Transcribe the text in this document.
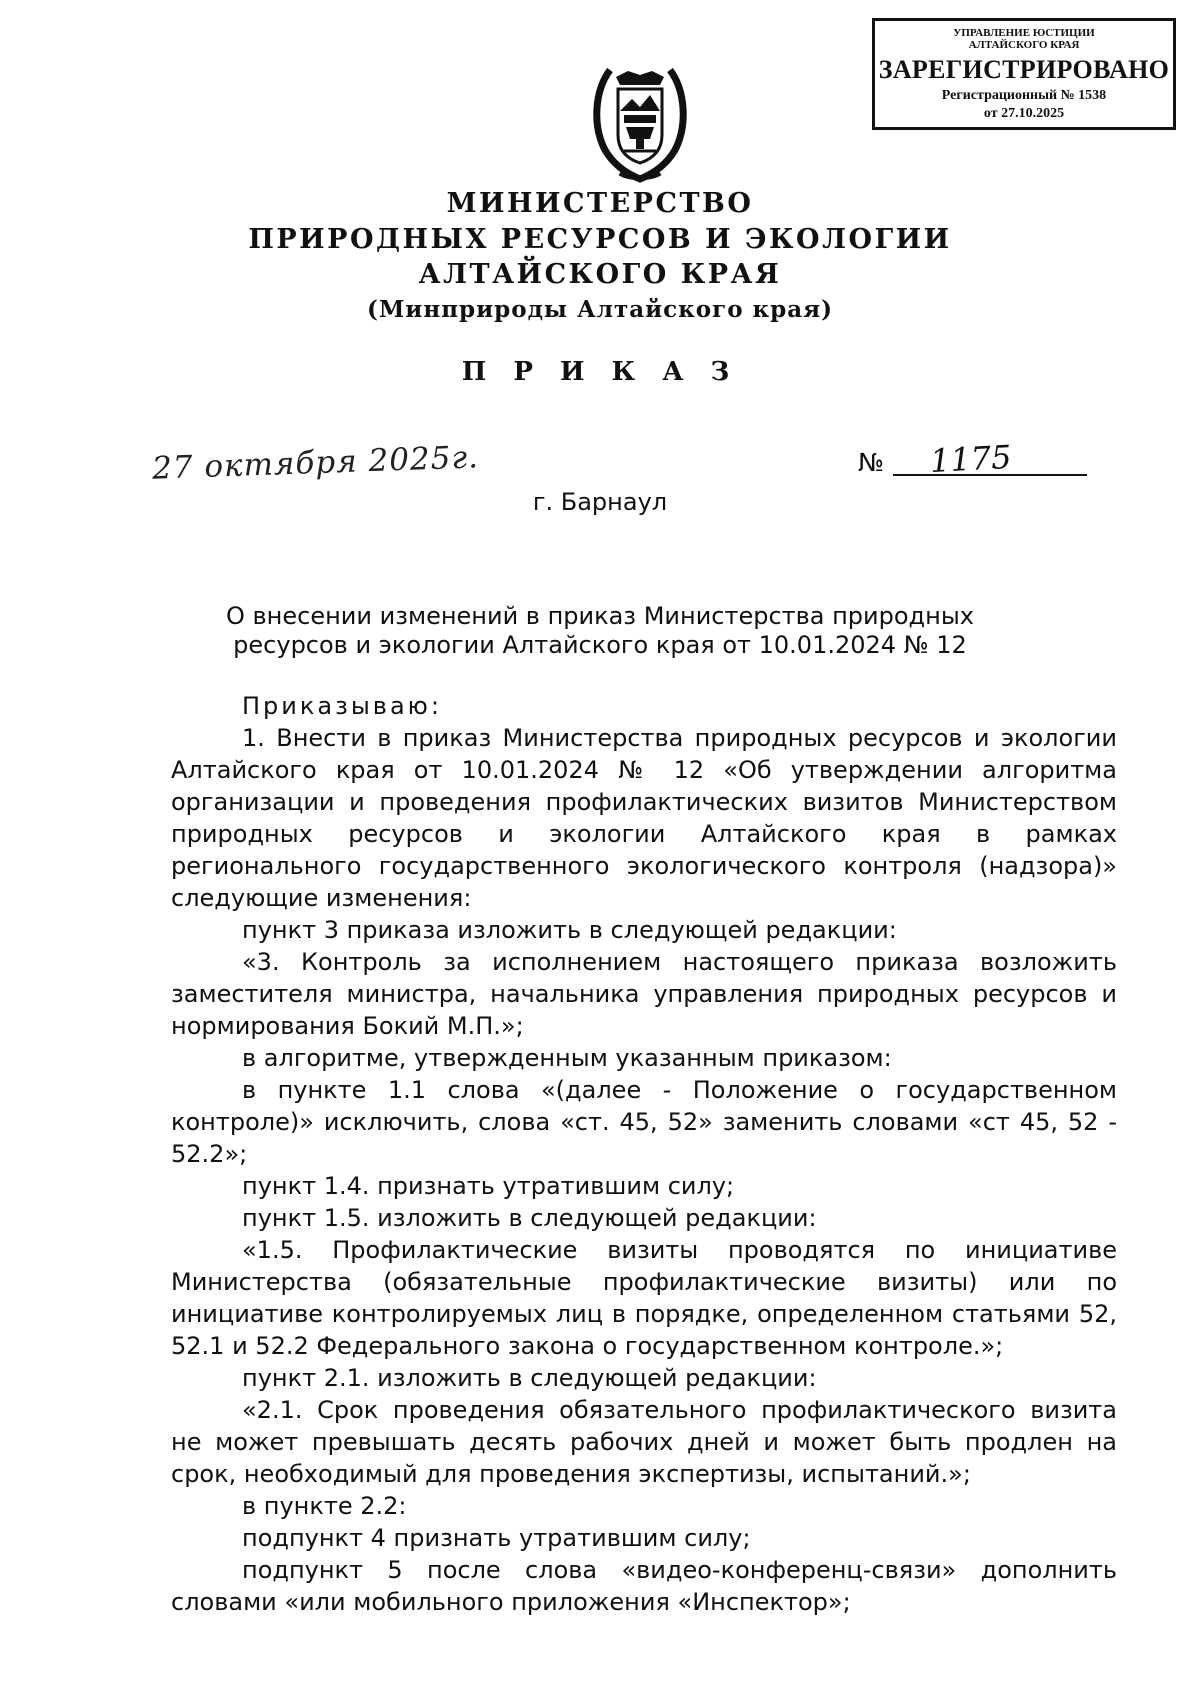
УПРАВЛЕНИЕ ЮСТИЦИИ АЛТАЙСКОГО КРАЯ
ЗАРЕГИСТРИРОВАНО
Регистрационный № 1538
от 27.10.2025
МИНИСТЕРСТВО
ПРИРОДНЫХ РЕСУРСОВ И ЭКОЛОГИИ
АЛТАЙСКОГО КРАЯ
(Минприроды Алтайского края)
П Р И К А З
27 октября 2025г.	№ 1175
г. Барнаул
О внесении изменений в приказ Министерства природных
ресурсов и экологии Алтайского края от 10.01.2024 № 12

Приказываю:

1. Внести в приказ Министерства природных ресурсов и экологии Алтайского края от 10.01.2024 № 12 «Об утверждении алгоритма организации и проведения профилактических визитов Министерством природных ресурсов и экологии Алтайского края в рамках регионального государственного экологического контроля (надзора)» следующие изменения:

пункт 3 приказа изложить в следующей редакции:

«3. Контроль за исполнением настоящего приказа возложить заместителя министра, начальника управления природных ресурсов и нормирования Бокий М.П.»;

в алгоритме, утвержденным указанным приказом:

в пункте 1.1 слова «(далее - Положение о государственном контроле)» исключить, слова «ст. 45, 52» заменить словами «ст 45, 52 - 52.2»;

пункт 1.4. признать утратившим силу;

пункт 1.5. изложить в следующей редакции:

«1.5. Профилактические визиты проводятся по инициативе Министерства (обязательные профилактические визиты) или по инициативе контролируемых лиц в порядке, определенном статьями 52, 52.1 и 52.2 Федерального закона о государственном контроле.»;

пункт 2.1. изложить в следующей редакции:

«2.1. Срок проведения обязательного профилактического визита не может превышать десять рабочих дней и может быть продлен на срок, необходимый для проведения экспертизы, испытаний.»;

в пункте 2.2:

подпункт 4 признать утратившим силу;

подпункт 5 после слова «видео-конференц-связи» дополнить словами «или мобильного приложения «Инспектор»;
